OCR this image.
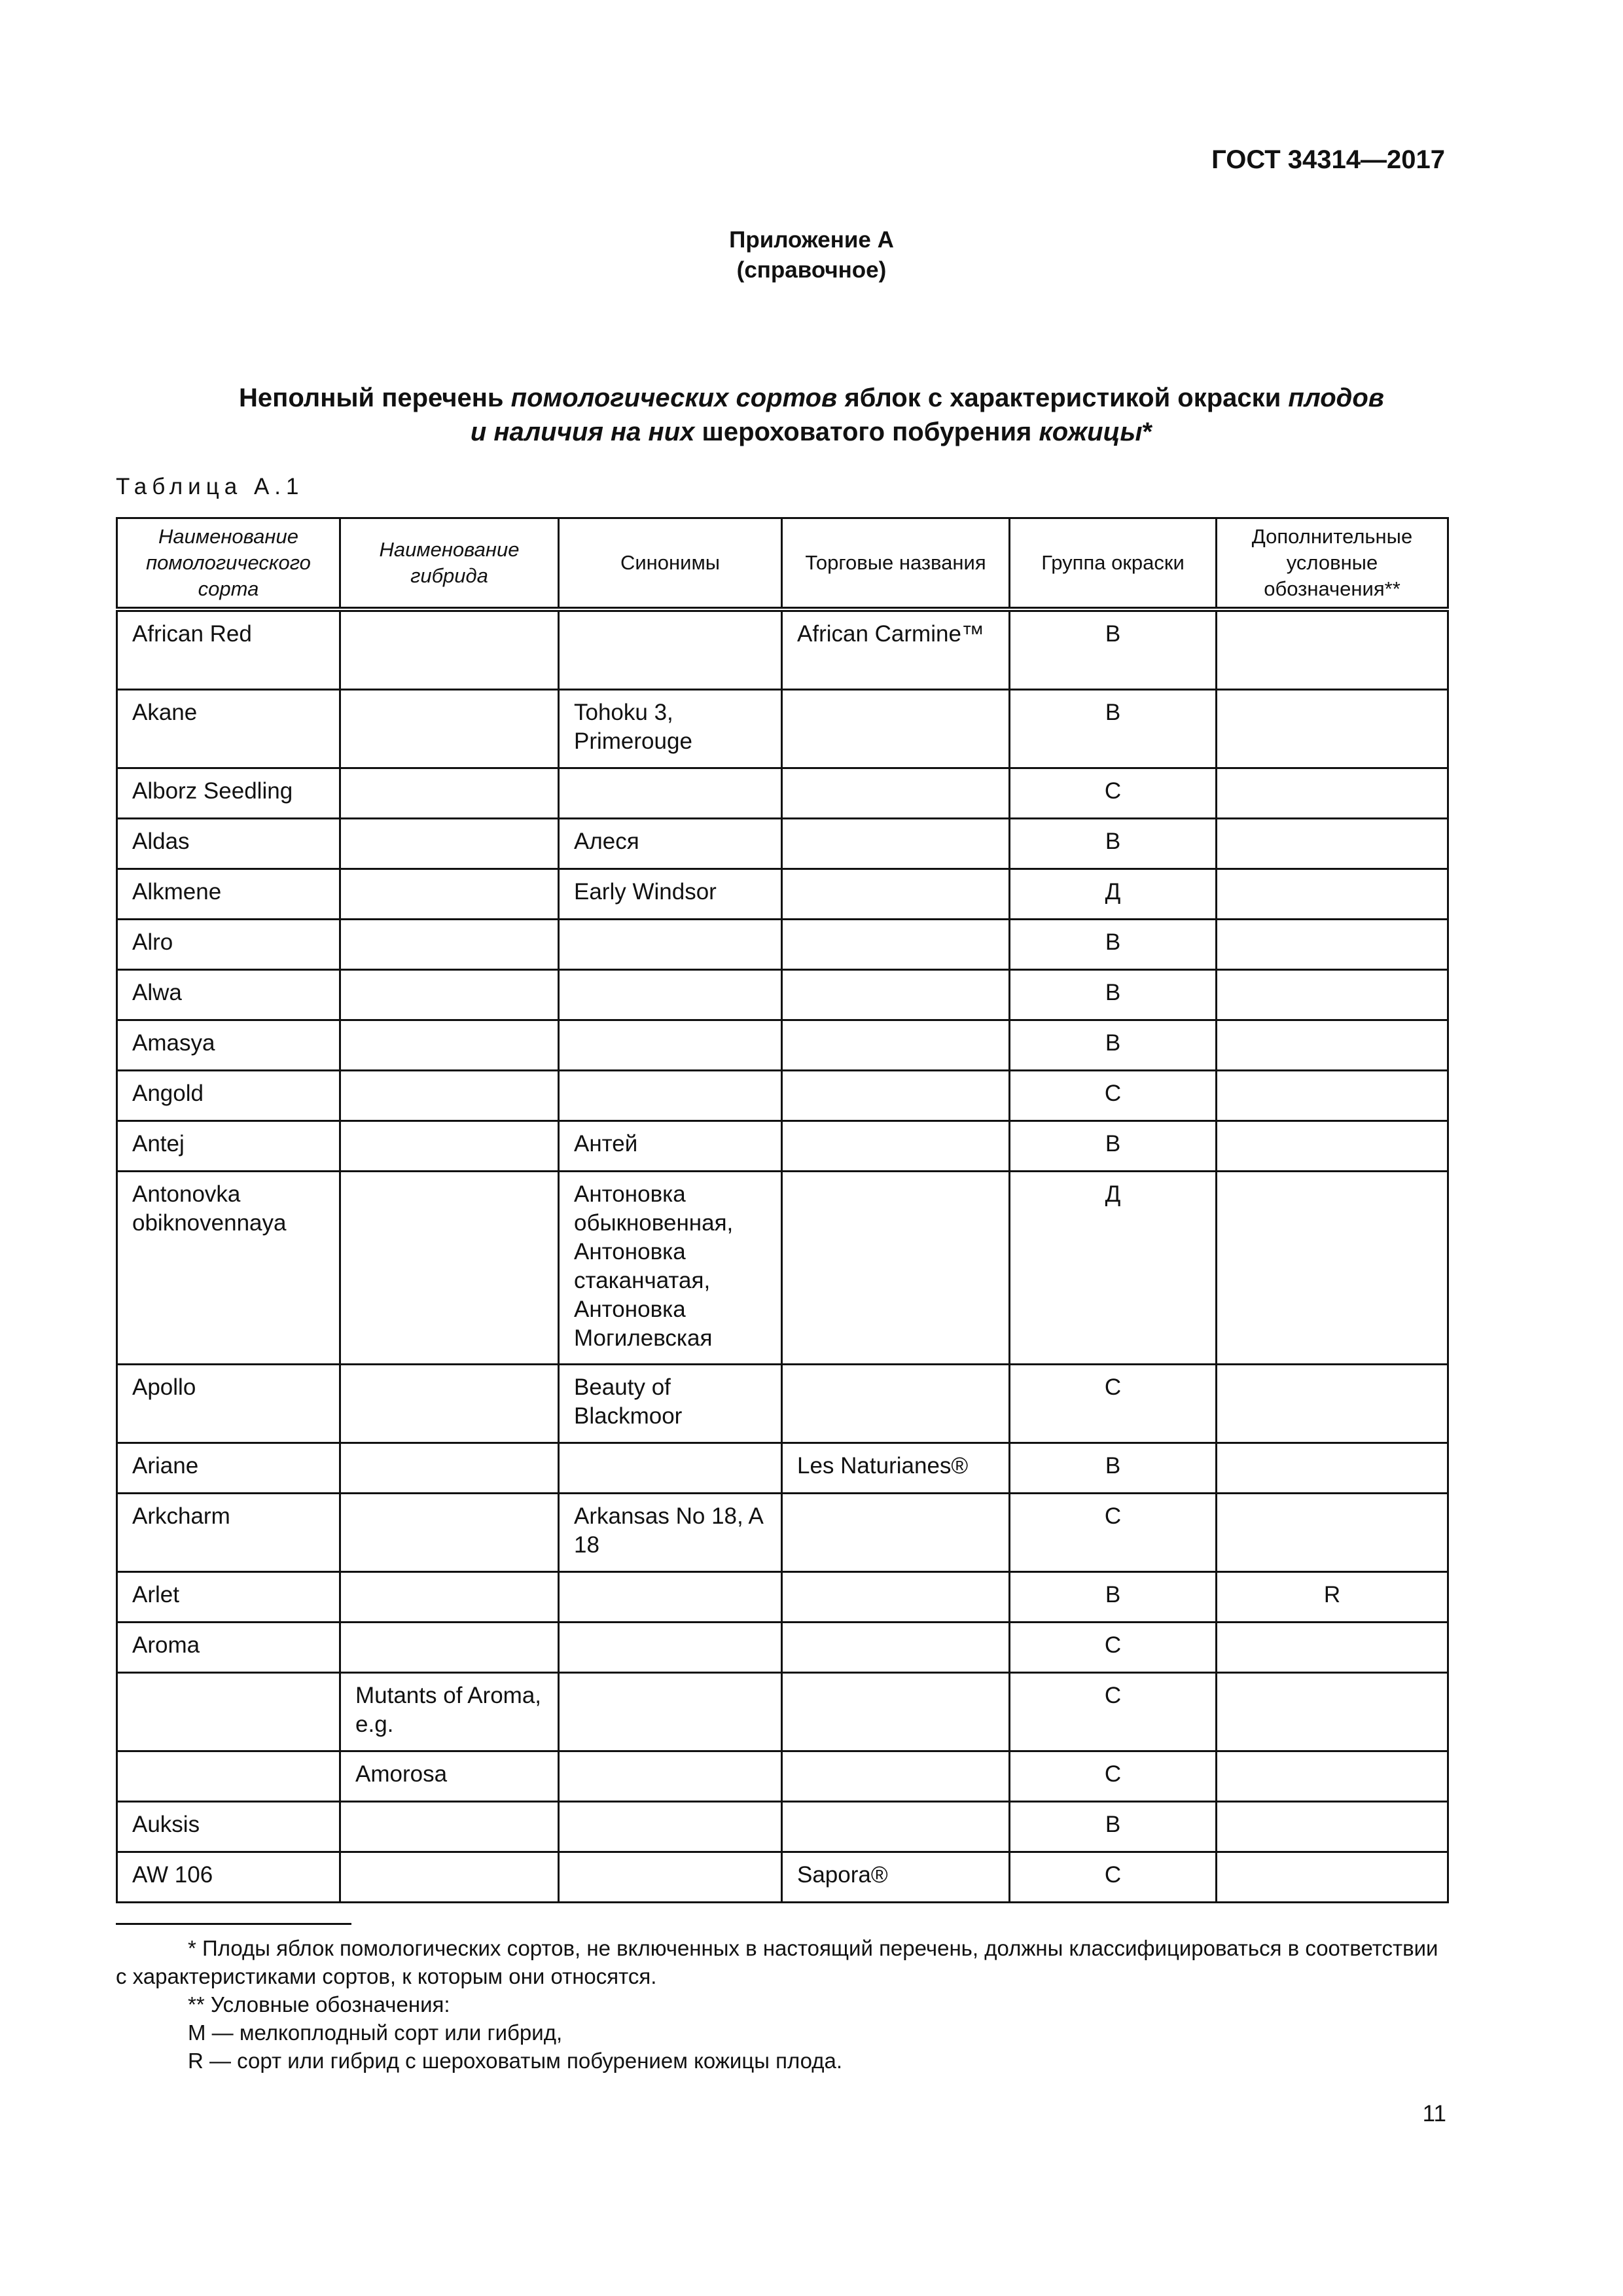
ГОСТ 34314—2017
Приложение А
(справочное)
Неполный перечень помологических сортов яблок с характеристикой окраски плодов
и наличия на них шероховатого побурения кожицы*
Таблица А.1
Наименование помологического сорта	Наименование гибрида	Синонимы	Торговые названия	Группа окраски	Дополнительные условные обозначения**
African Red			African Carmine™	В	
Akane		Tohoku 3, Primerouge		В	
Alborz Seedling				С	
Aldas		Алеся		В	
Alkmene		Early Windsor		Д	
Alro				В	
Alwa				В	
Amasya				В	
Angold				С	
Antej		Антей		В	
Antonovka obiknovennaya		Антоновка обыкновенная, Антоновка стаканчатая, Антоновка Могилевская		Д	
Apollo		Beauty of Blackmoor		С	
Ariane			Les Naturianes®	В	
Arkcharm		Arkansas No 18, A 18		С	
Arlet				В	R
Aroma				С	
	Mutants of Aroma, e.g.			С	
	Amorosa			С	
Auksis				В	
AW 106			Sapora®	С	
* Плоды яблок помологических сортов, не включенных в настоящий перечень, должны классифицироваться в соответствии с характеристиками сортов, к которым они относятся.
** Условные обозначения:
М — мелкоплодный сорт или гибрид,
R — сорт или гибрид с шероховатым побурением кожицы плода.
11
